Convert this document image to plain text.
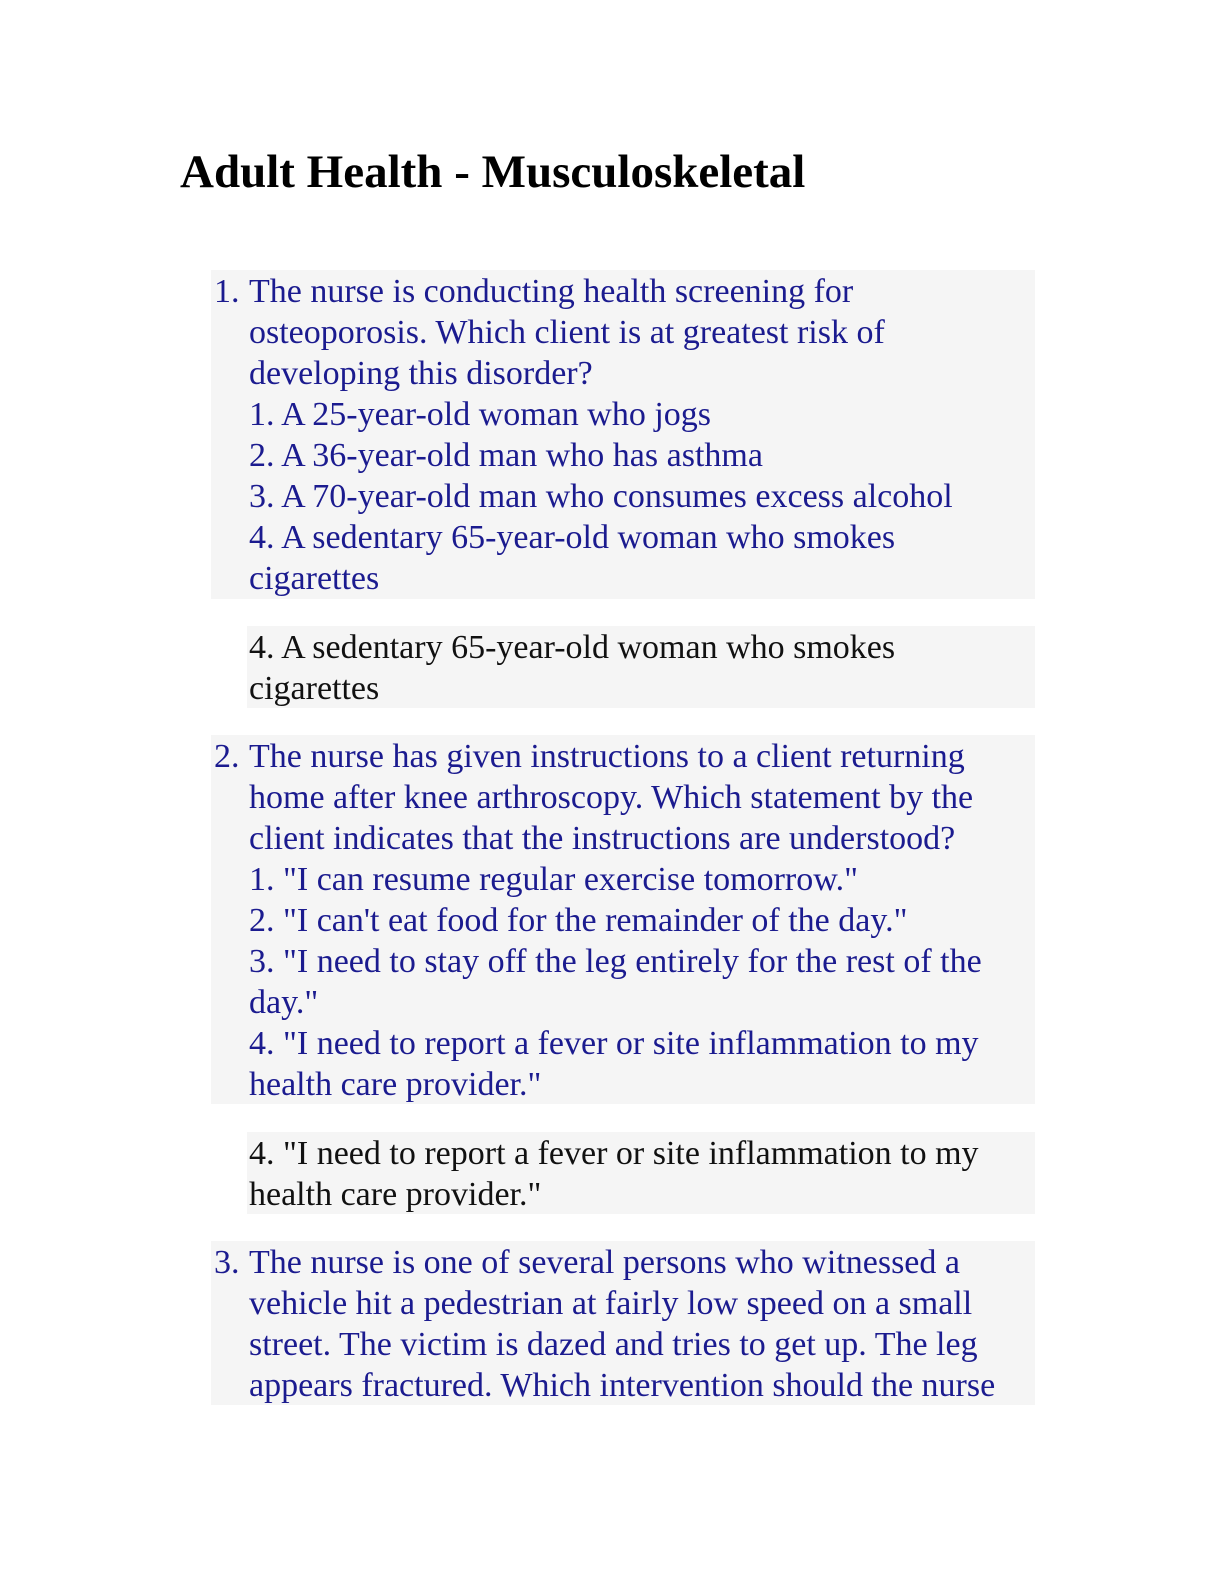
Adult Health - Musculoskeletal
1. The nurse is conducting health screening for
osteoporosis. Which client is at greatest risk of
developing this disorder?
1. A 25-year-old woman who jogs
2. A 36-year-old man who has asthma
3. A 70-year-old man who consumes excess alcohol
4. A sedentary 65-year-old woman who smokes
cigarettes
4. A sedentary 65-year-old woman who smokes
cigarettes
2. The nurse has given instructions to a client returning
home after knee arthroscopy. Which statement by the
client indicates that the instructions are understood?
1. "I can resume regular exercise tomorrow."
2. "I can't eat food for the remainder of the day."
3. "I need to stay off the leg entirely for the rest of the
day."
4. "I need to report a fever or site inflammation to my
health care provider."
4. "I need to report a fever or site inflammation to my
health care provider."
3. The nurse is one of several persons who witnessed a
vehicle hit a pedestrian at fairly low speed on a small
street. The victim is dazed and tries to get up. The leg
appears fractured. Which intervention should the nurse
